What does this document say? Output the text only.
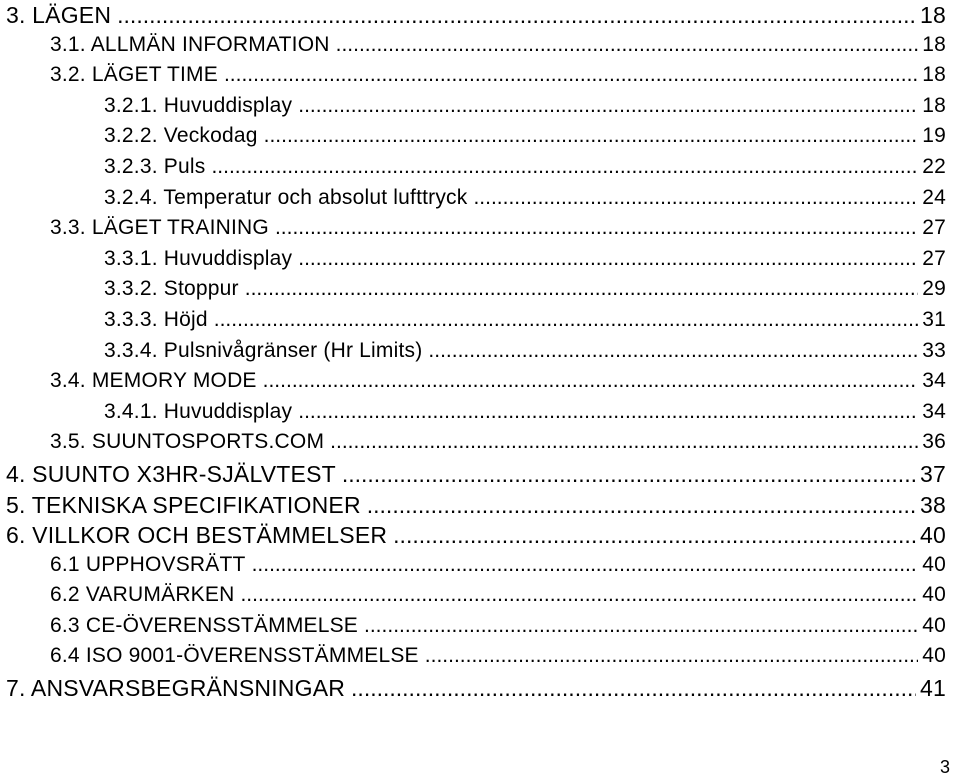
3. LÄGEN .....	18
3.1. ALLMÄN INFORMATION .....	18
3.2. LÄGET TIME .....	18
3.2.1. Huvuddisplay .....	18
3.2.2. Veckodag .....	19
3.2.3. Puls .....	22
3.2.4. Temperatur och absolut lufttryck .....	24
3.3. LÄGET TRAINING .....	27
3.3.1. Huvuddisplay .....	27
3.3.2. Stoppur .....	29
3.3.3. Höjd .....	31
3.3.4. Pulsnivågränser (Hr Limits) .....	33
3.4. MEMORY MODE .....	34
3.4.1. Huvuddisplay .....	34
3.5. SUUNTOSPORTS.COM .....	36
4. SUUNTO X3HR-SJÄLVTEST .....	37
5. TEKNISKA SPECIFIKATIONER .....	38
6. VILLKOR OCH BESTÄMMELSER .....	40
6.1 UPPHOVSRÄTT .....	40
6.2 VARUMÄRKEN .....	40
6.3 CE-ÖVERENSSTÄMMELSE .....	40
6.4 ISO 9001-ÖVERENSSTÄMMELSE .....	40
7. ANSVARSBEGRÄNSNINGAR .....	41
3
